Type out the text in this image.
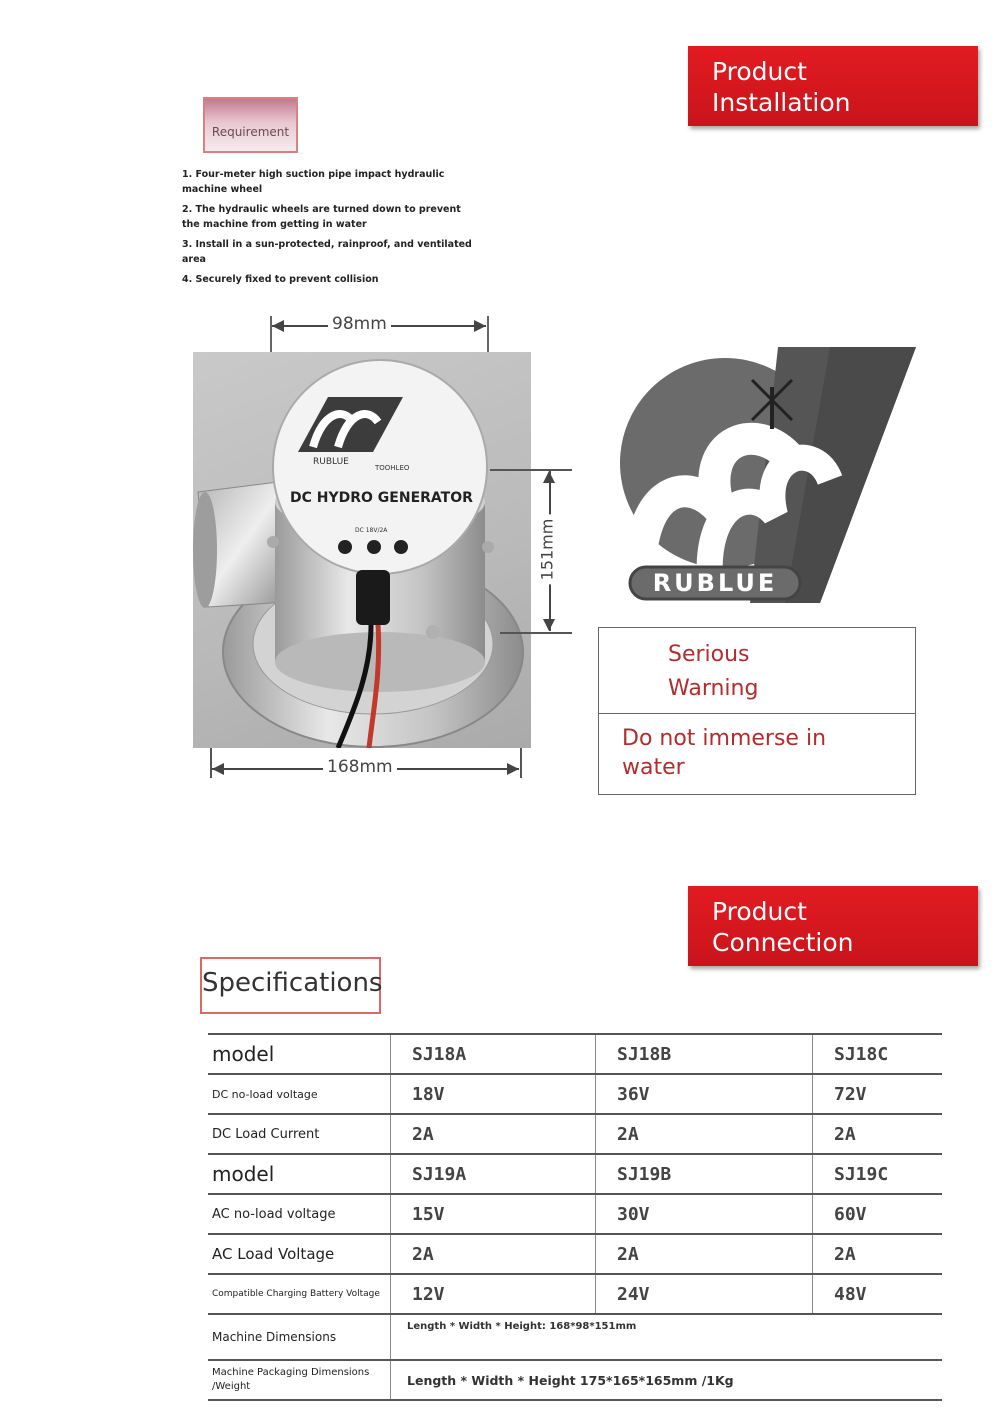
Product
Installation
Requirement
1. Four-meter high suction pipe impact hydraulic machine wheel
2. The hydraulic wheels are turned down to prevent the machine from getting in water
3. Install in a sun-protected, rainproof, and ventilated area
4. Securely fixed to prevent collision
98mm
RUBLUE
TOOHLEO
DC HYDRO GENERATOR
DC 18V/2A	151mm
168mm
RUBLUE
Serious
Warning
Do not immerse in water
Product
Connection
Specifications
model	SJ18A	SJ18B	SJ18C
DC no-load voltage	18V	36V	72V
DC Load Current	2A	2A	2A
model	SJ19A	SJ19B	SJ19C
AC no-load voltage	15V	30V	60V
AC Load Voltage	2A	2A	2A
Compatible Charging Battery Voltage	12V	24V	48V
Machine Dimensions	Length * Width * Height: 168*98*151mm		
Machine Packaging Dimensions /Weight	Length * Width * Height 175*165*165mm /1Kg		
